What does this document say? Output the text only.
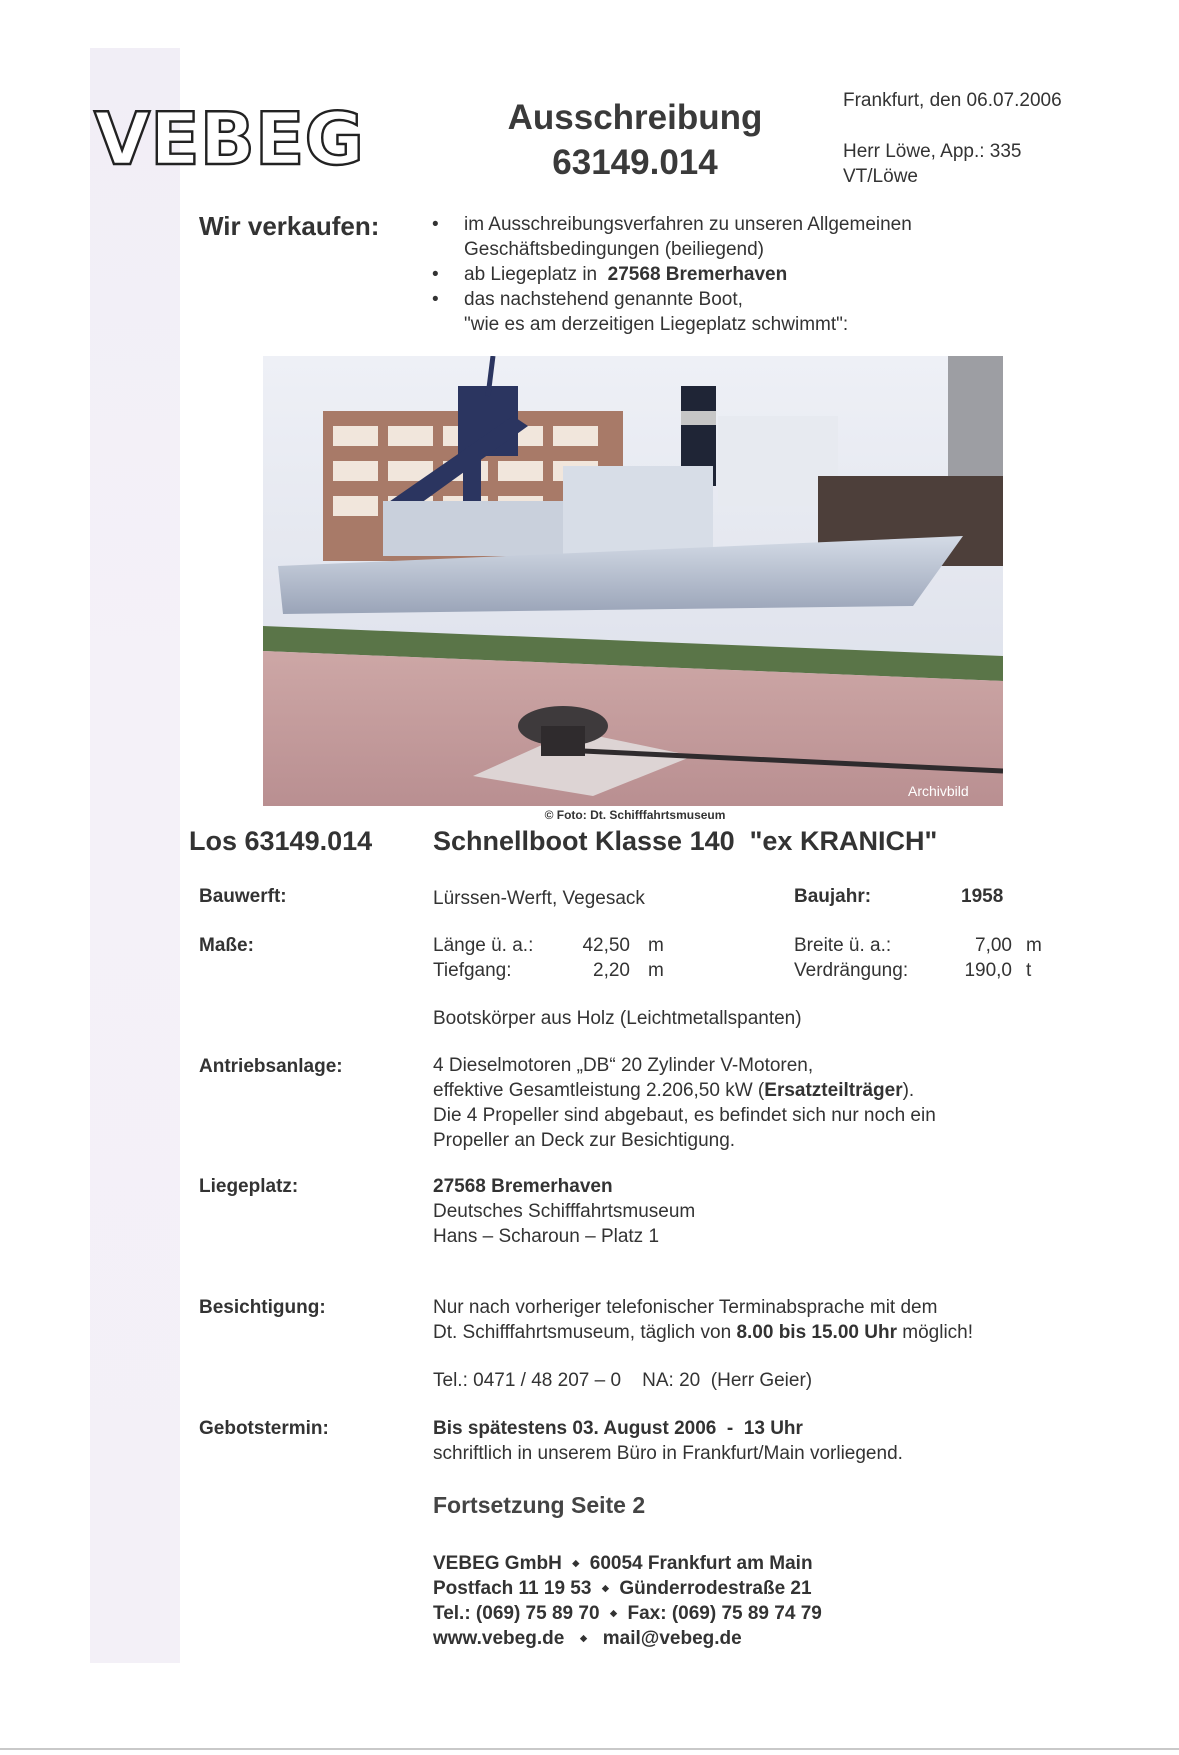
VEBEG	Ausschreibung
63149.014
Frankfurt, den 06.07.2006
Herr Löwe, App.: 335
VT/Löwe
Wir verkaufen:
•	im Ausschreibungsverfahren zu unseren Allgemeinen
Geschäftsbedingungen (beiliegend)
• ab Liegeplatz in 27568 Bremerhaven
• das nachstehend genannte Boot,
"wie es am derzeitigen Liegeplatz schwimmt":
Archivbild
© Foto: Dt. Schifffahrtsmuseum
Los 63149.014 Schnellboot Klasse 140  "ex KRANICH"
Bauwerft:	Lürssen-Werft, Vegesack	Baujahr:	1958
Maße:	Länge ü. a.:	42,50 m
Tiefgang:	2,20 m
Breite ü. a.:	7,00 m
Verdrängung:	190,0 t
Bootskörper aus Holz (Leichtmetallspanten)
Antriebsanlage:	4 Dieselmotoren „DB“ 20 Zylinder V-Motoren,
effektive Gesamtleistung 2.206,50 kW (Ersatzteilträger).
Die 4 Propeller sind abgebaut, es befindet sich nur noch ein
Propeller an Deck zur Besichtigung.
Liegeplatz:	27568 Bremerhaven
Deutsches Schifffahrtsmuseum
Hans – Scharoun – Platz 1
Besichtigung:	Nur nach vorheriger telefonischer Terminabsprache mit dem
Dt. Schifffahrtsmuseum, täglich von 8.00 bis 15.00 Uhr möglich!
Tel.: 0471 / 48 207 – 0    NA: 20  (Herr Geier)
Gebotstermin:	Bis spätestens 03. August 2006  -  13 Uhr
schriftlich in unserem Büro in Frankfurt/Main vorliegend.
Fortsetzung Seite 2
VEBEG GmbH  ⬩  60054 Frankfurt am Main
Postfach 11 19 53  ⬩  Günderrodestraße 21
Tel.: (069) 75 89 70  ⬩  Fax: (069) 75 89 74 79
www.vebeg.de   ⬩   mail@vebeg.de
